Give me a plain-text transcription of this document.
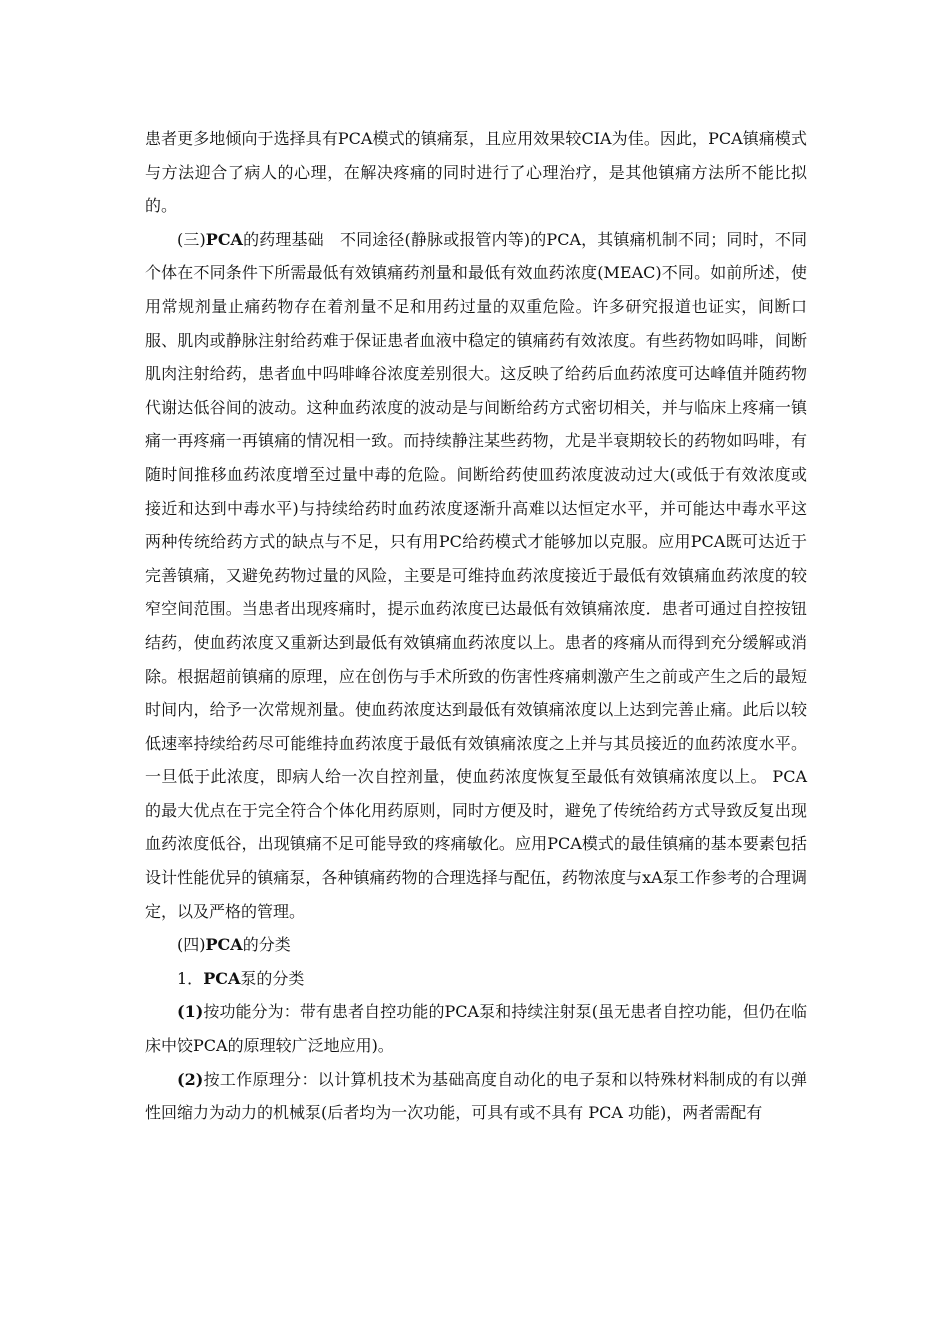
患者更多地倾向于选择具有PCA模式的镇痛泵，且应用效果较CIA为佳。因此，PCA镇痛模式与方法迎合了病人的心理，在解决疼痛的同时进行了心理治疗，是其他镇痛方法所不能比拟的。

(三)PCA的药理基础　不同途径(静脉或报管内等)的PCA，其镇痛机制不同；同时，不同个体在不同条件下所需最低有效镇痛药剂量和最低有效血药浓度(MEAC)不同。如前所述，使用常规剂量止痛药物存在着剂量不足和用药过量的双重危险。许多研究报道也证实，间断口服、肌肉或静脉注射给药难于保证患者血液中稳定的镇痛药有效浓度。有些药物如吗啡，间断肌肉注射给药，患者血中吗啡峰谷浓度差别很大。这反映了给药后血药浓度可达峰值并随药物代谢达低谷间的波动。这种血药浓度的波动是与间断给药方式密切相关，并与临床上疼痛一镇痛一再疼痛一再镇痛的情况相一致。而持续静注某些药物，尤是半衰期较长的药物如吗啡，有随时间推移血药浓度增至过量中毒的危险。间断给药使皿药浓度波动过大(或低于有效浓度或接近和达到中毒水平)与持续给药时血药浓度逐渐升高难以达恒定水平，并可能达中毒水平这两种传统给药方式的缺点与不足，只有用PC给药模式才能够加以克服。应用PCA既可达近于完善镇痛，又避免药物过量的风险，主要是可维持血药浓度接近于最低有效镇痛血药浓度的较窄空间范围。当患者出现疼痛时，提示血药浓度已达最低有效镇痛浓度．患者可通过自控按钮结药，使血药浓度又重新达到最低有效镇痛血药浓度以上。患者的疼痛从而得到充分缓解或消除。根据超前镇痛的原理，应在创伤与手术所致的伤害性疼痛刺激产生之前或产生之后的最短时间内，给予一次常规剂量。使血药浓度达到最低有效镇痛浓度以上达到完善止痛。此后以较低速率持续给药尽可能维持血药浓度于最低有效镇痛浓度之上并与其员接近的血药浓度水平。一旦低于此浓度，即病人给一次自控剂量，使血药浓度恢复至最低有效镇痛浓度以上。 PCA的最大优点在于完全符合个体化用药原则，同时方便及时，避免了传统给药方式导致反复出现血药浓度低谷，出现镇痛不足可能导致的疼痛敏化。应用PCA模式的最佳镇痛的基本要素包括设计性能优异的镇痛泵，各种镇痛药物的合理选择与配伍，药物浓度与xA泵工作参考的合理调定，以及严格的管理。

(四)PCA的分类

1．PCA泵的分类

(1)按功能分为：带有患者自控功能的PCA泵和持续注射泵(虽无患者自控功能，但仍在临床中饺PCA的原理较广泛地应用)。

(2)按工作原理分：以计算机技术为基础高度自动化的电子泵和以特殊材料制成的有以弹性回缩力为动力的机械泵(后者均为一次功能，可具有或不具有 PCA 功能)，两者需配有
